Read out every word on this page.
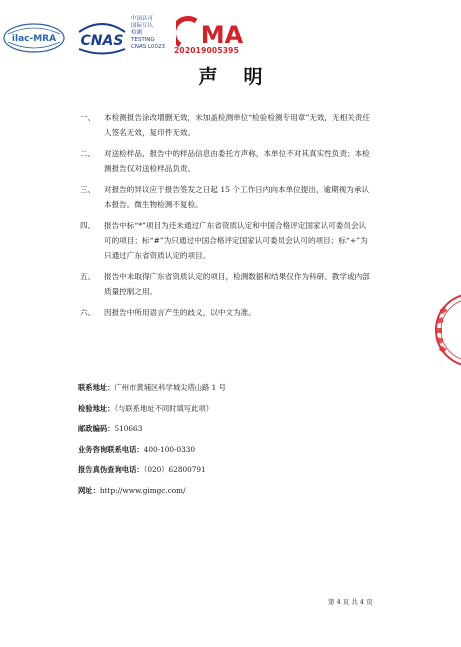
ilac-MRA CNAS
中国认可
国际互认
检测
TESTING
CNAS L0023	MA
202019005395
声明
一、 本检测报告涂改增删无效，未加盖检测单位“检验检测专用章”无效，无相关责任人签名无效，复印件无效。
二、 对送检样品，报告中的样品信息由委托方声称，本单位不对其真实性负责；本检测报告仅对送检样品负责。
三、 对报告的异议应于报告签发之日起 15 个工作日内向本单位提出，逾期视为承认本报告。微生物检测不复检。
四、 报告中标“*”项目为还未通过广东省资质认定和中国合格评定国家认可委员会认可的项目；标“#”为只通过中国合格评定国家认可委员会认可的项目；标“+”为只通过广东省资质认定的项目。
五、 报告中未取得广东省资质认定的项目，检测数据和结果仅作为科研、教学或内部质量控制之用。
六、 因报告中所用语言产生的歧义，以中文为准。
联系地址：广州市黄埔区科学城尖塔山路 1 号
检验地址：（与联系地址不同时填写此项）
邮政编码：510663
业务咨询联系电话：400-100-0330
报告真伪查询电话：（020）62800791
网址：http://www.gimgc.com/
第 4 页 共 4 页
